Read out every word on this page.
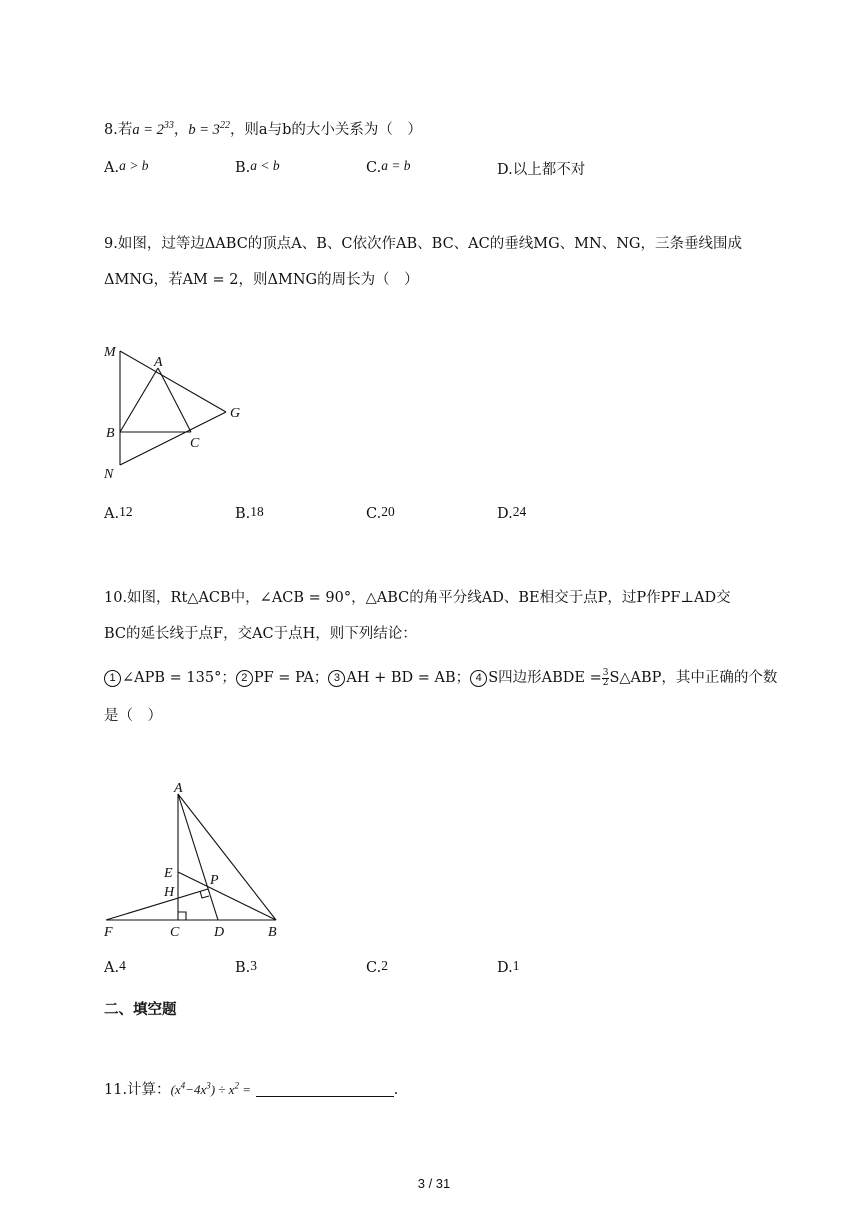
8.若$a = 2^{33}$，$b = 3^{22}$，则a与b的大小关系为（　）
A.a > b	B.a < b	C.a = b	D.以上都不对
9.如图，过等边ΔABC的顶点A、B、C依次作AB、BC、AC的垂线MG、MN、NG，三条垂线围成
ΔMNG，若AM = 2，则ΔMNG的周长为（　）
M
A
G
B
C
N
A.12	B.18	C.20	D.24
10.如图，Rt△ACB中，∠ACB = 90°，△ABC的角平分线AD、BE相交于点P，过P作PF⊥AD交
BC的延长线于点F，交AC于点H，则下列结论：
1 ∠APB = 135°； 2 PF = PA； 3 AH + BD = AB； 4 S四边形ABDE = $\frac{3}{2}$ S△ABP，其中正确的个数
是（　）
A
E	P
H
F	C D	B
A.4	B.3	C.2	D.1
二、填空题
11.计算：$(x^4-4x^3) \div x^2$ =	.
3 / 31
